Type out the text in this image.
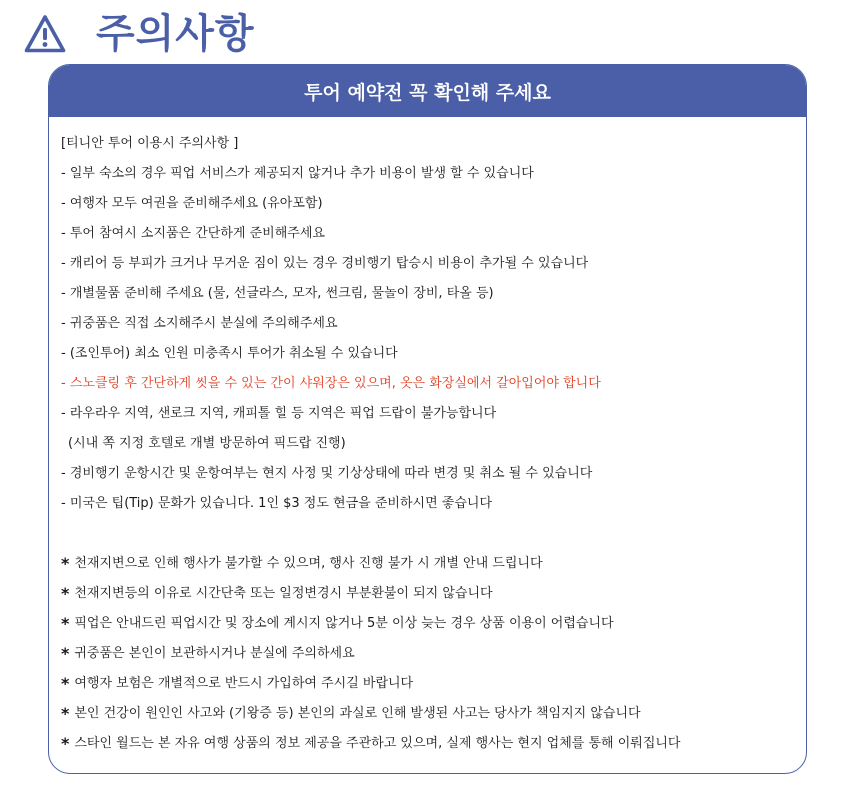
주의사항
투어 예약전 꼭 확인해 주세요
[티니안 투어 이용시 주의사항 ]
- 일부 숙소의 경우 픽업 서비스가 제공되지 않거나 추가 비용이 발생 할 수 있습니다
- 여행자 모두 여권을 준비해주세요 (유아포함)
- 투어 참여시 소지품은 간단하게 준비해주세요
- 캐리어 등 부피가 크거나 무거운 짐이 있는 경우 경비행기 탑승시 비용이 추가될 수 있습니다
- 개별물품 준비해 주세요 (물, 선글라스, 모자, 썬크림, 물놀이 장비, 타올 등)
- 귀중품은 직접 소지해주시 분실에 주의해주세요
- (조인투어) 최소 인원 미충족시 투어가 취소될 수 있습니다
- 스노클링 후 간단하게 씻을 수 있는 간이 샤워장은 있으며, 옷은 화장실에서 갈아입어야 합니다
- 라우라우 지역, 샌로크 지역, 캐피톨 힐 등 지역은 픽업 드랍이 불가능합니다
(시내 쪽 지정 호텔로 개별 방문하여 픽드랍 진행)
- 경비행기 운항시간 및 운항여부는 현지 사정 및 기상상태에 따라 변경 및 취소 될 수 있습니다
- 미국은 팁(Tip) 문화가 있습니다. 1인 $3 정도 현금을 준비하시면 좋습니다
* 천재지변으로 인해 행사가 불가할 수 있으며, 행사 진행 불가 시 개별 안내 드립니다
* 천재지변등의 이유로 시간단축 또는 일정변경시 부분환불이 되지 않습니다
* 픽업은 안내드린 픽업시간 및 장소에 계시지 않거나 5분 이상 늦는 경우 상품 이용이 어렵습니다
* 귀중품은 본인이 보관하시거나 분실에 주의하세요
* 여행자 보험은 개별적으로 반드시 가입하여 주시길 바랍니다
* 본인 건강이 원인인 사고와 (기왕증 등) 본인의 과실로 인해 발생된 사고는 당사가 책임지지 않습니다
* 스타인 월드는 본 자유 여행 상품의 정보 제공을 주관하고 있으며, 실제 행사는 현지 업체를 통해 이뤄집니다
